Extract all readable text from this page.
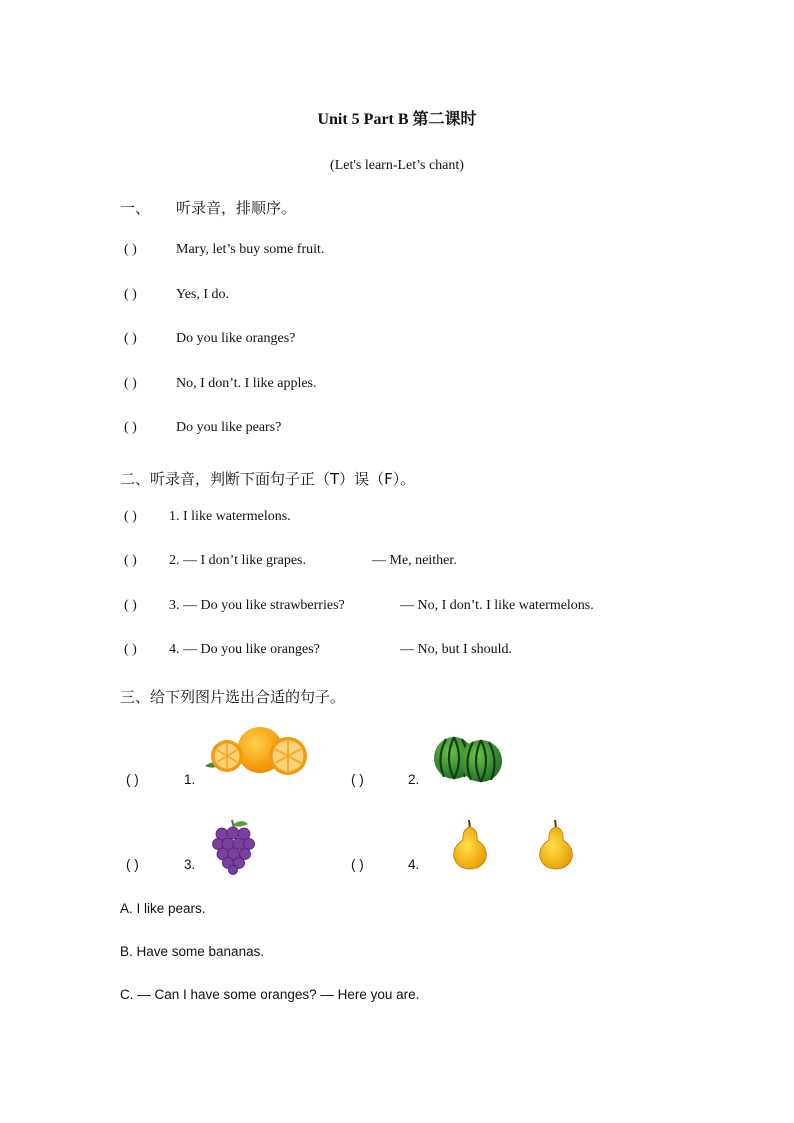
Unit 5 Part B 第二课时
(Let's learn-Let’s chant)
一、 听录音，排顺序。
( )	Mary, let’s buy some fruit.
( )	Yes, I do.
( )	Do you like oranges?
( )	No, I don’t. I like apples.
( )	Do you like pears?
二、听录音，判断下面句子正（T）误（F）。
( ) 1. I like watermelons.
( ) 2. — I don’t like grapes.	— Me, neither.
( ) 3. — Do you like strawberries?	— No, I don’t. I like watermelons.
( ) 4. — Do you like oranges?	— No, but I should.
三、给下列图片选出合适的句子。
( )	1.	( )	2.
( )	3.	( )	4.
A. I like pears.
B. Have some bananas.
C. — Can I have some oranges? — Here you are.
